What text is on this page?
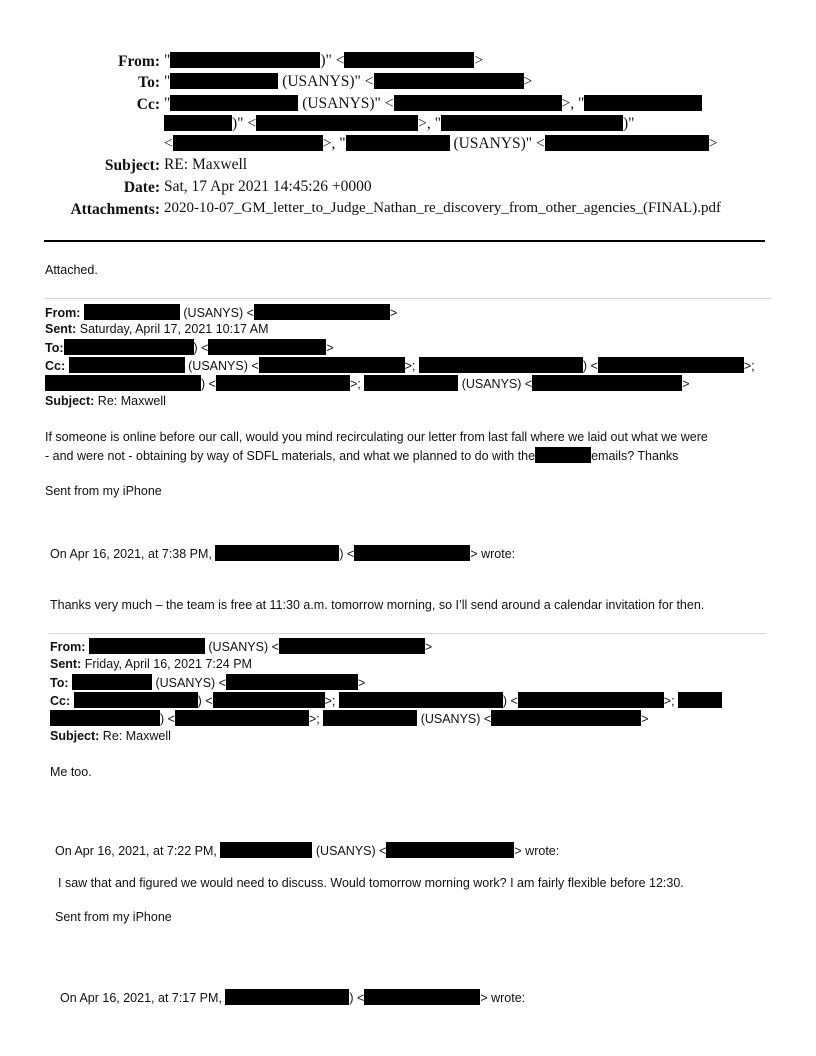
From: "	)" <	>
To: "	(USANYS)" <	>
Cc: "	(USANYS)" <	>, "
)" <	>, "	)"
<	>, "	(USANYS)" <	>
Subject: RE: Maxwell
Date: Sat, 17 Apr 2021 14:45:26 +0000
Attachments: 2020-10-07_GM_letter_to_Judge_Nathan_re_discovery_from_other_agencies_(FINAL).pdf
Attached.
From:	(USANYS) <	>
Sent: Saturday, April 17, 2021 10:17 AM
To:	) <	>
Cc:	(USANYS) <	>;	) <	>;
) <	>;	(USANYS) <	>
Subject: Re: Maxwell
If someone is online before our call, would you mind recirculating our letter from last fall where we laid out what we were
- and were not - obtaining by way of SDFL materials, and what we planned to do with the	emails? Thanks
Sent from my iPhone
On Apr 16, 2021, at 7:38 PM,	) <	> wrote:
Thanks very much – the team is free at 11:30 a.m. tomorrow morning, so I’ll send around a calendar invitation for then.
From:	(USANYS) <	>
Sent: Friday, April 16, 2021 7:24 PM
To:	(USANYS) <	>
Cc:	) <	>;	) <	>;
) <	>;	(USANYS) <	>
Subject: Re: Maxwell
Me too.
On Apr 16, 2021, at 7:22 PM,	(USANYS) <	> wrote:
I saw that and figured we would need to discuss. Would tomorrow morning work? I am fairly flexible before 12:30.
Sent from my iPhone
On Apr 16, 2021, at 7:17 PM,	) <	> wrote:
